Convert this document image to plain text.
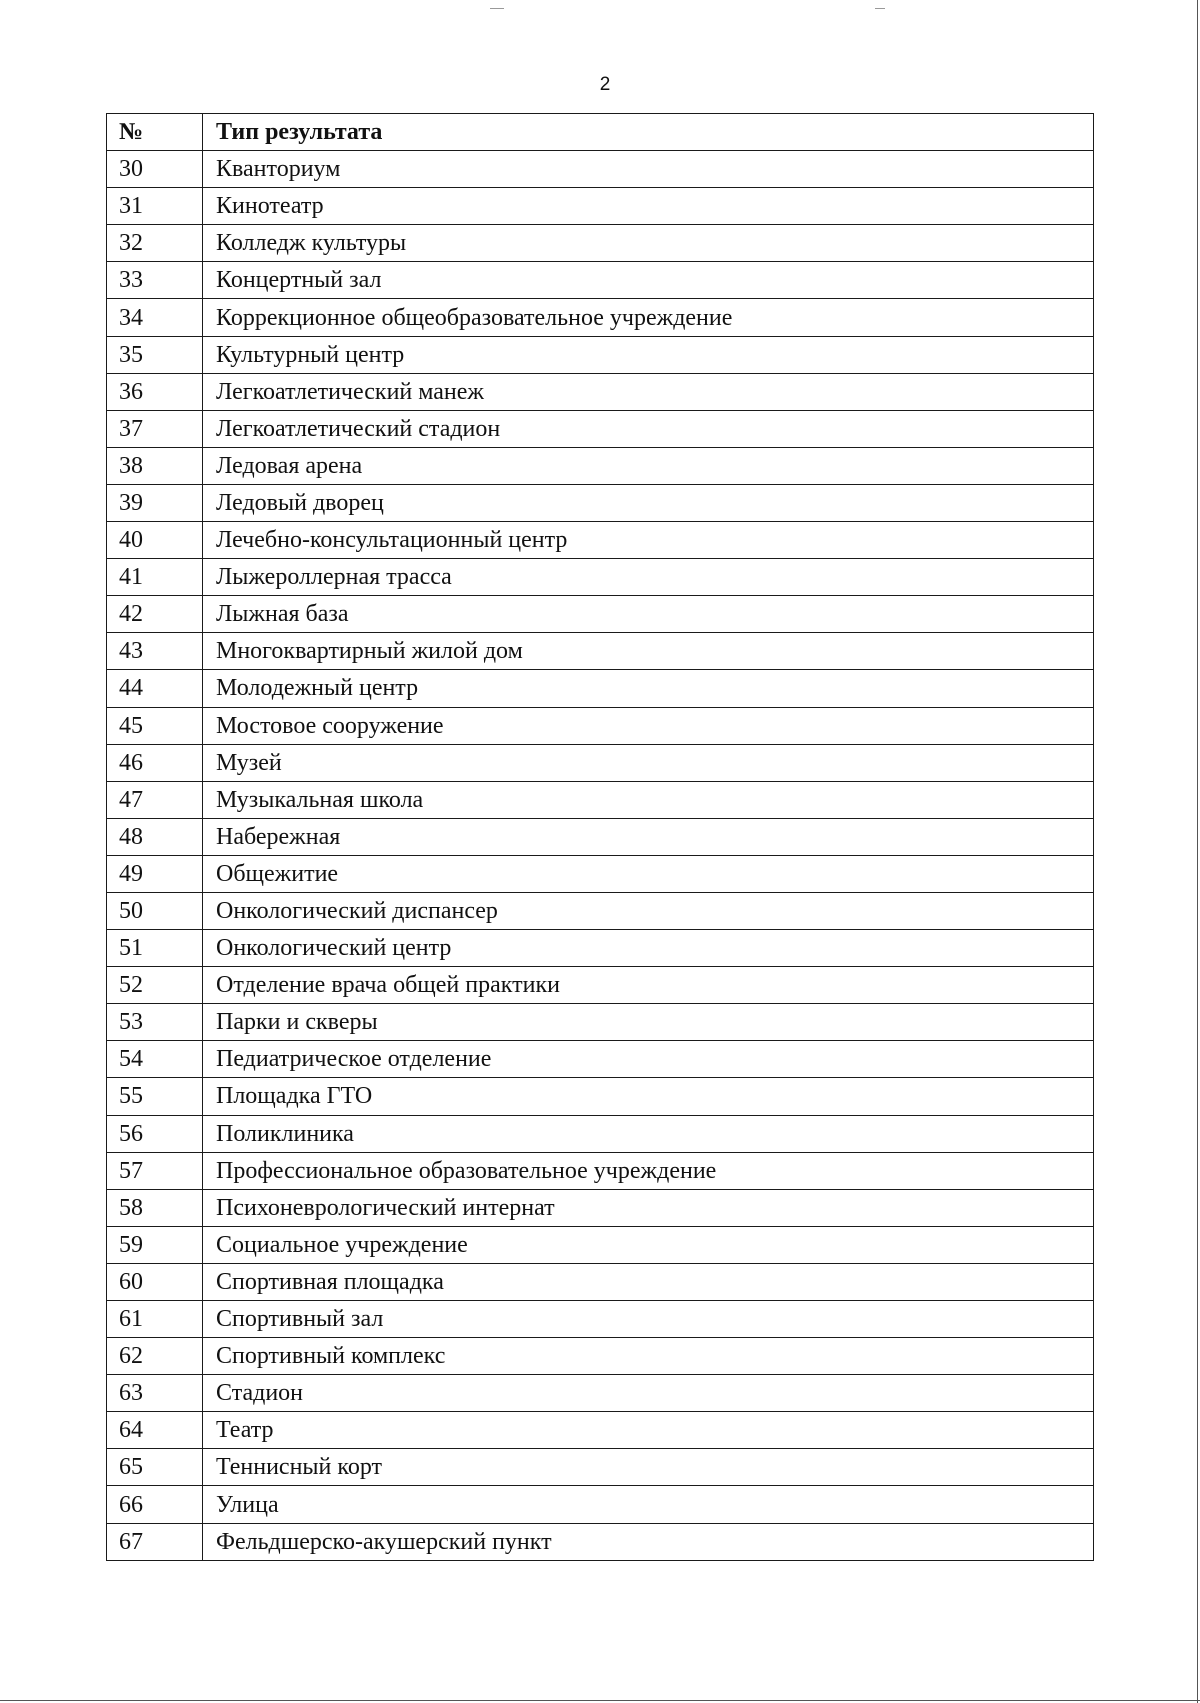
2
№	Тип результата
30	Кванториум
31	Кинотеатр
32	Колледж культуры
33	Концертный зал
34	Коррекционное общеобразовательное учреждение
35	Культурный центр
36	Легкоатлетический манеж
37	Легкоатлетический стадион
38	Ледовая арена
39	Ледовый дворец
40	Лечебно-консультационный центр
41	Лыжероллерная трасса
42	Лыжная база
43	Многоквартирный жилой дом
44	Молодежный центр
45	Мостовое сооружение
46	Музей
47	Музыкальная школа
48	Набережная
49	Общежитие
50	Онкологический диспансер
51	Онкологический центр
52	Отделение врача общей практики
53	Парки и скверы
54	Педиатрическое отделение
55	Площадка ГТО
56	Поликлиника
57	Профессиональное образовательное учреждение
58	Психоневрологический интернат
59	Социальное учреждение
60	Спортивная площадка
61	Спортивный зал
62	Спортивный комплекс
63	Стадион
64	Театр
65	Теннисный корт
66	Улица
67	Фельдшерско-акушерский пункт
